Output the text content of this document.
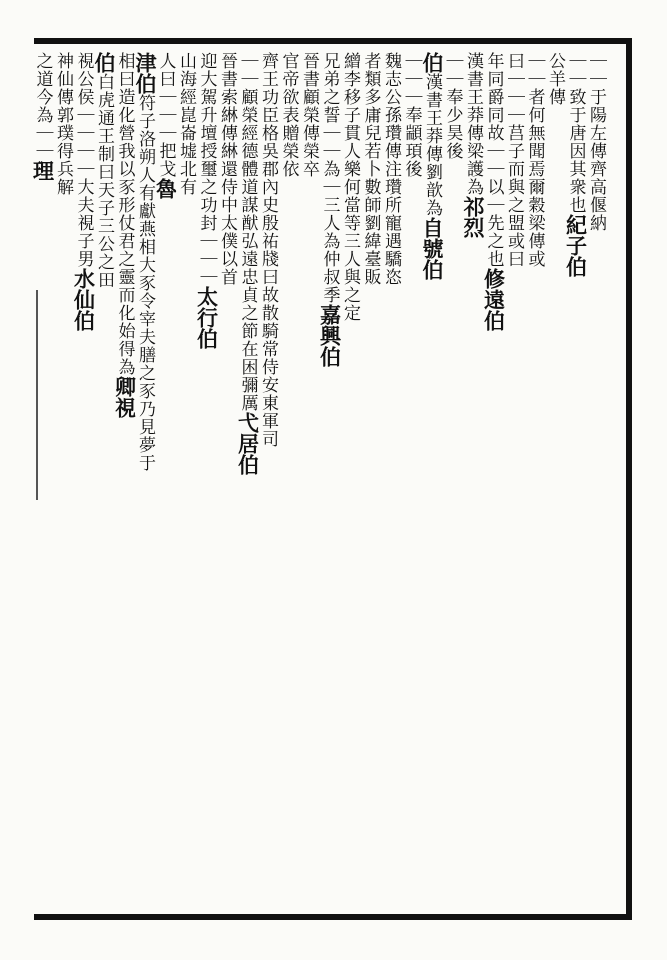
｜｜于陽左傳齊高偃納
｜｜致于唐因其衆也紀子伯
公羊傳
｜｜者何無聞焉爾穀梁傳或
曰｜｜｜莒子而與之盟或曰
年同爵同故｜｜以｜先之也修遠伯
漢書王莽傳梁護為祁烈
｜｜奉少昊後
伯漢書王莽傳劉歆為自號伯
｜｜｜奉顓頊後
魏志公孫瓚傳注瓚所寵遇驕恣
者類多庸兒若卜數師劉緯臺販
繒李移子貫人樂何當等三人與之定
兄弟之誓｜｜為｜三人為仲叔季嘉興伯
晉書顧榮傳榮卒
官帝欲表贈榮依
齊王功臣格吳郡內史殷祐牋曰故散騎常侍安東軍司
｜｜顧榮經德體道謀猷弘遠忠貞之節在困彌厲弋居伯
晉書索綝傳綝還侍中太僕以首
迎大駕升壇授璽之功封｜｜｜太行伯
山海經崑崙墟北有
人曰｜｜｜把戈魯
津伯符子洛朔人有獻燕相大豕令宰夫膳之豕乃見夢于
相曰造化營我以豕形仗君之靈而化始得為卿視
伯白虎通王制曰天子三公之田
視公侯｜｜｜｜大夫視子男水仙伯
神仙傳郭璞得兵解
之道今為｜｜理
